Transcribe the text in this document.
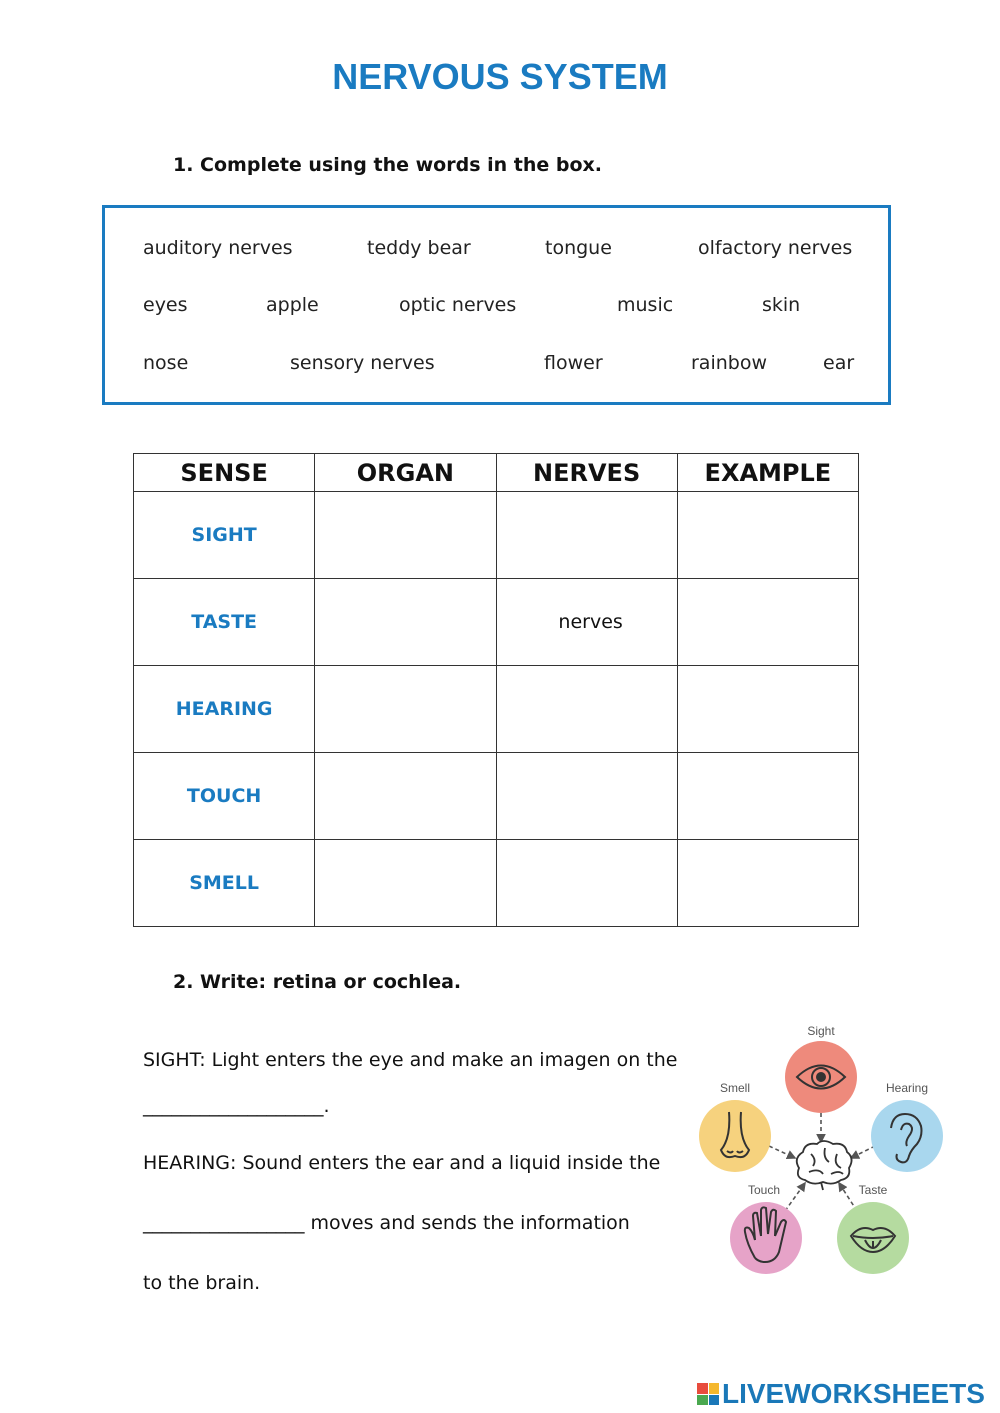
NERVOUS SYSTEM
1. Complete using the words in the box.
auditory nerves	teddy bear	tongue	olfactory nerves
eyes	apple	optic nerves	music	skin
nose	sensory nerves	flower	rainbow	ear
SENSE	ORGAN	NERVES	EXAMPLE
SIGHT			
TASTE		nerves	
HEARING			
TOUCH			
SMELL			
2. Write: retina or cochlea.
SIGHT: Light enters the eye and make an imagen on the
___________________.
HEARING: Sound enters the ear and a liquid inside the
_________________ moves and sends the information
to the brain.
Sight
Smell	Hearing
Touch	Taste
LIVEWORKSHEETS
